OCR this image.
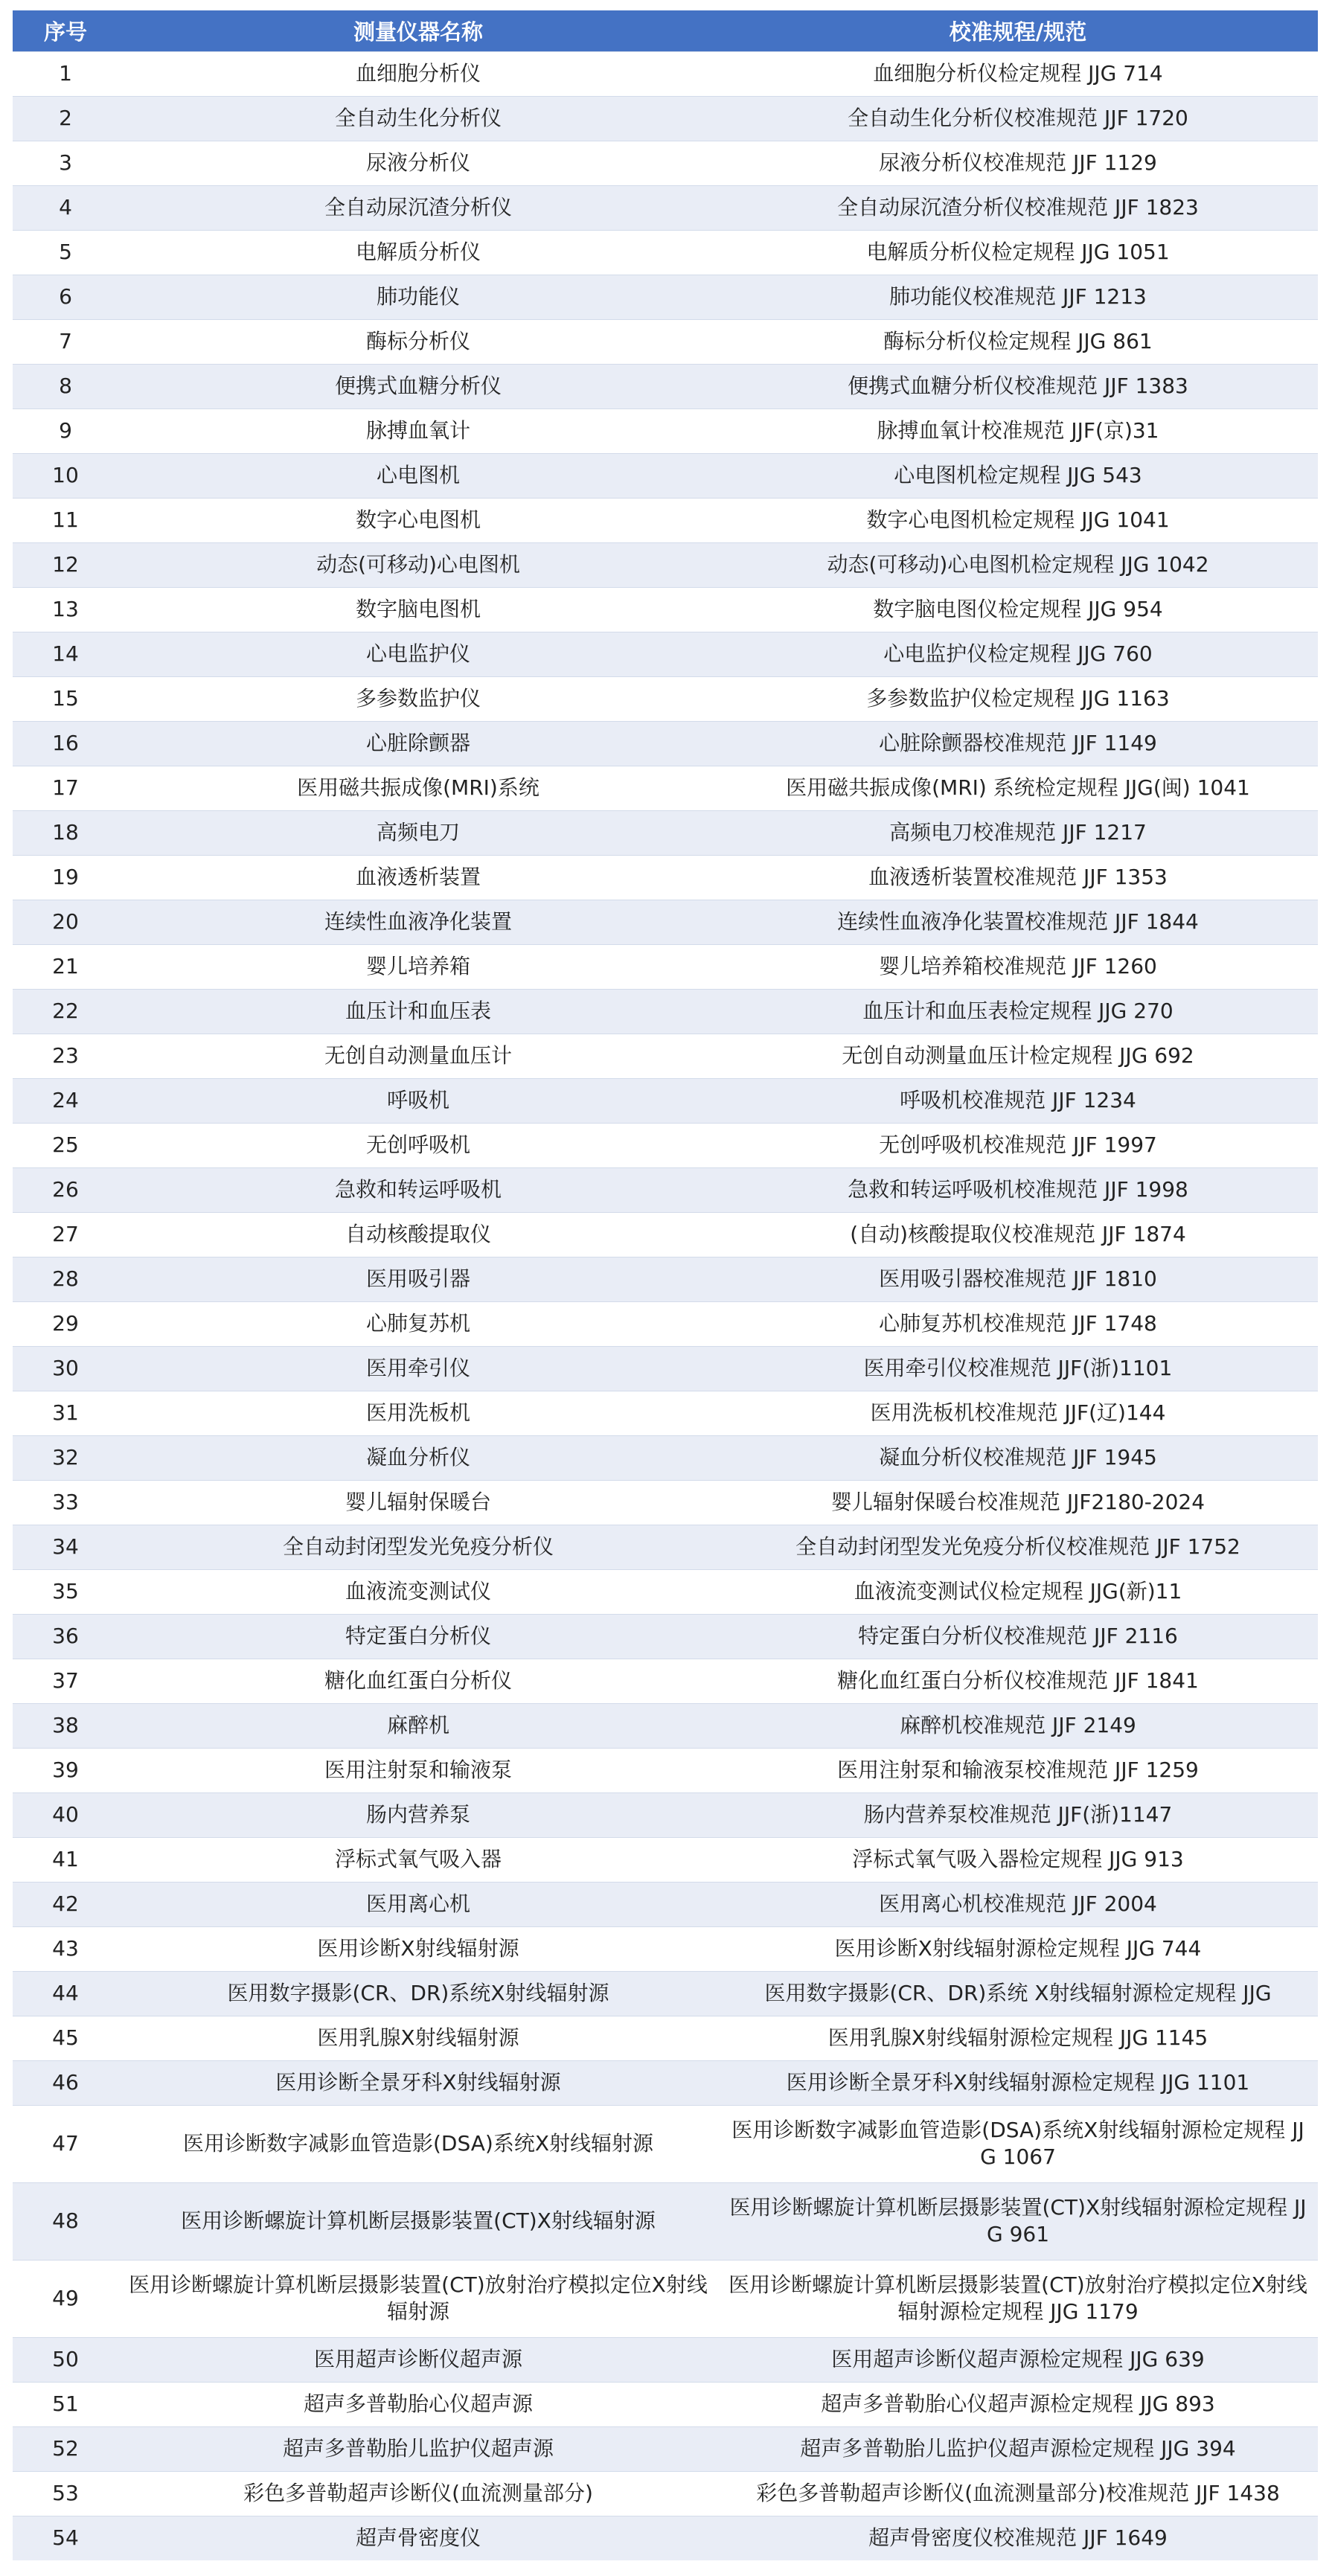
序号	测量仪器名称	校准规程/规范
1	血细胞分析仪	血细胞分析仪检定规程 JJG 714
2	全自动生化分析仪	全自动生化分析仪校准规范 JJF 1720
3	尿液分析仪	尿液分析仪校准规范 JJF 1129
4	全自动尿沉渣分析仪	全自动尿沉渣分析仪校准规范 JJF 1823
5	电解质分析仪	电解质分析仪检定规程 JJG 1051
6	肺功能仪	肺功能仪校准规范 JJF 1213
7	酶标分析仪	酶标分析仪检定规程 JJG 861
8	便携式血糖分析仪	便携式血糖分析仪校准规范 JJF 1383
9	脉搏血氧计	脉搏血氧计校准规范 JJF(京)31
10	心电图机	心电图机检定规程 JJG 543
11	数字心电图机	数字心电图机检定规程 JJG 1041
12	动态(可移动)心电图机	动态(可移动)心电图机检定规程 JJG 1042
13	数字脑电图机	数字脑电图仪检定规程 JJG 954
14	心电监护仪	心电监护仪检定规程 JJG 760
15	多参数监护仪	多参数监护仪检定规程 JJG 1163
16	心脏除颤器	心脏除颤器校准规范 JJF 1149
17	医用磁共振成像(MRI)系统	医用磁共振成像(MRI) 系统检定规程 JJG(闽) 1041
18	高频电刀	高频电刀校准规范 JJF 1217
19	血液透析装置	血液透析装置校准规范 JJF 1353
20	连续性血液净化装置	连续性血液净化装置校准规范 JJF 1844
21	婴儿培养箱	婴儿培养箱校准规范 JJF 1260
22	血压计和血压表	血压计和血压表检定规程 JJG 270
23	无创自动测量血压计	无创自动测量血压计检定规程 JJG 692
24	呼吸机	呼吸机校准规范 JJF 1234
25	无创呼吸机	无创呼吸机校准规范 JJF 1997
26	急救和转运呼吸机	急救和转运呼吸机校准规范 JJF 1998
27	自动核酸提取仪	(自动)核酸提取仪校准规范 JJF 1874
28	医用吸引器	医用吸引器校准规范 JJF 1810
29	心肺复苏机	心肺复苏机校准规范 JJF 1748
30	医用牵引仪	医用牵引仪校准规范 JJF(浙)1101
31	医用洗板机	医用洗板机校准规范 JJF(辽)144
32	凝血分析仪	凝血分析仪校准规范 JJF 1945
33	婴儿辐射保暖台	婴儿辐射保暖台校准规范 JJF2180-2024
34	全自动封闭型发光免疫分析仪	全自动封闭型发光免疫分析仪校准规范 JJF 1752
35	血液流变测试仪	血液流变测试仪检定规程 JJG(新)11
36	特定蛋白分析仪	特定蛋白分析仪校准规范 JJF 2116
37	糖化血红蛋白分析仪	糖化血红蛋白分析仪校准规范 JJF 1841
38	麻醉机	麻醉机校准规范 JJF 2149
39	医用注射泵和输液泵	医用注射泵和输液泵校准规范 JJF 1259
40	肠内营养泵	肠内营养泵校准规范 JJF(浙)1147
41	浮标式氧气吸入器	浮标式氧气吸入器检定规程 JJG 913
42	医用离心机	医用离心机校准规范 JJF 2004
43	医用诊断X射线辐射源	医用诊断X射线辐射源检定规程 JJG 744
44	医用数字摄影(CR、DR)系统X射线辐射源	医用数字摄影(CR、DR)系统 X射线辐射源检定规程 JJG
45	医用乳腺X射线辐射源	医用乳腺X射线辐射源检定规程 JJG 1145
46	医用诊断全景牙科X射线辐射源	医用诊断全景牙科X射线辐射源检定规程 JJG 1101
47	医用诊断数字减影血管造影(DSA)系统X射线辐射源	医用诊断数字减影血管造影(DSA)系统X射线辐射源检定规程 JJG 1067
48	医用诊断螺旋计算机断层摄影装置(CT)X射线辐射源	医用诊断螺旋计算机断层摄影装置(CT)X射线辐射源检定规程 JJG 961
49	医用诊断螺旋计算机断层摄影装置(CT)放射治疗模拟定位X射线辐射源	医用诊断螺旋计算机断层摄影装置(CT)放射治疗模拟定位X射线辐射源检定规程 JJG 1179
50	医用超声诊断仪超声源	医用超声诊断仪超声源检定规程 JJG 639
51	超声多普勒胎心仪超声源	超声多普勒胎心仪超声源检定规程 JJG 893
52	超声多普勒胎儿监护仪超声源	超声多普勒胎儿监护仪超声源检定规程 JJG 394
53	彩色多普勒超声诊断仪(血流测量部分)	彩色多普勒超声诊断仪(血流测量部分)校准规范 JJF 1438
54	超声骨密度仪	超声骨密度仪校准规范 JJF 1649
